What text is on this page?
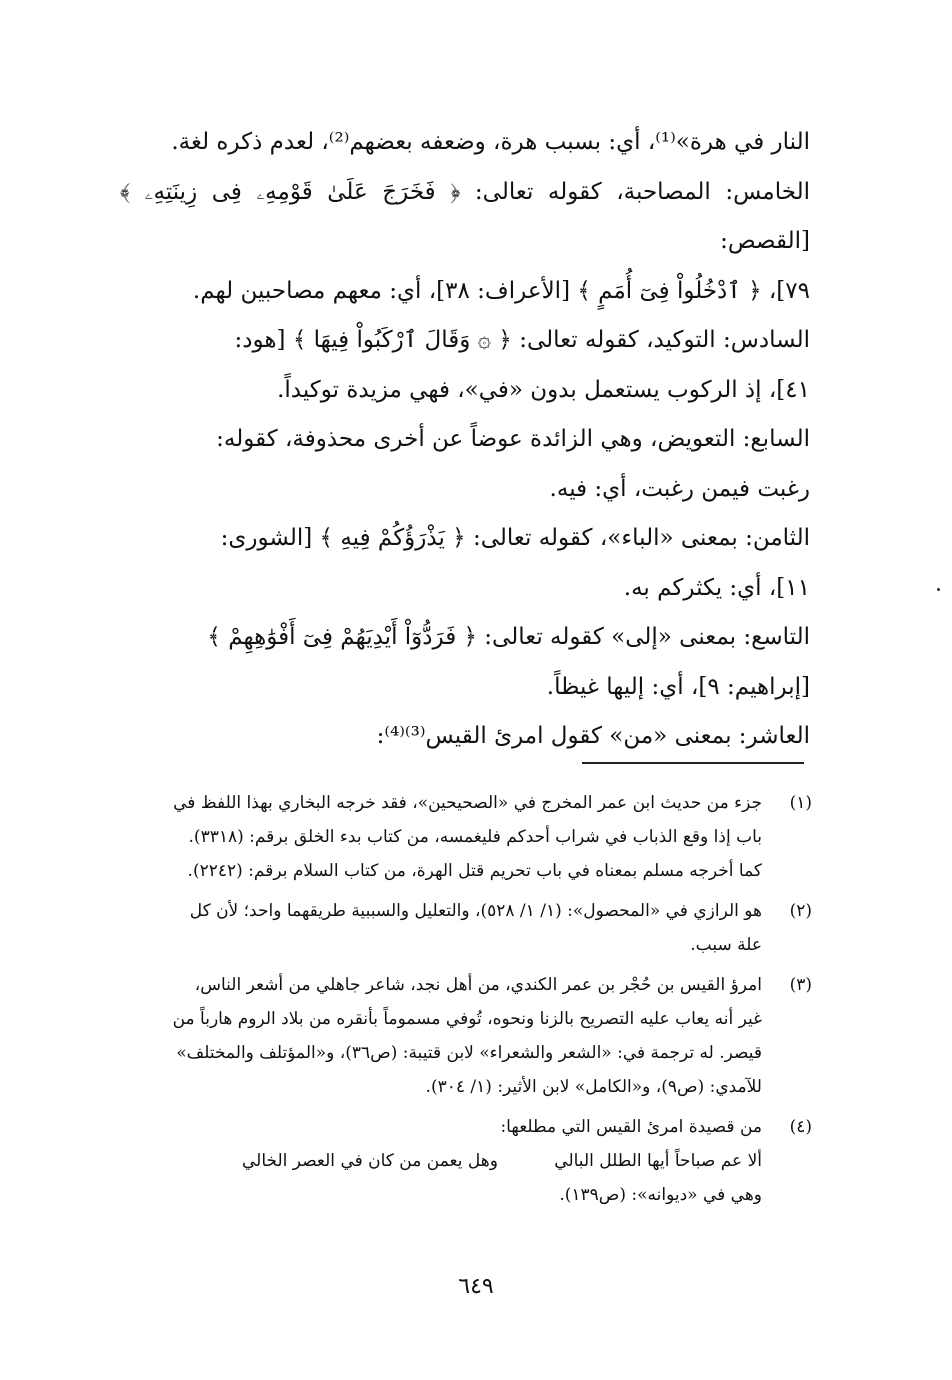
النار في هرة»⁽¹⁾، أي: بسبب هرة، وضعفه بعضهم⁽²⁾، لعدم ذكره لغة.

الخامس: المصاحبة، كقوله تعالى: ﴿ فَخَرَجَ عَلَىٰ قَوْمِهِۦ فِى زِينَتِهِۦ ﴾ [القصص:

٧٩]، ﴿ ٱدْخُلُواْ فِىٓ أُمَمٍ ﴾ [الأعراف: ٣٨]، أي: معهم مصاحبين لهم.

السادس: التوكيد، كقوله تعالى: ﴿ ۞ وَقَالَ ٱرْكَبُواْ فِيهَا ﴾ [هود:

٤١]، إذ الركوب يستعمل بدون «في»، فهي مزيدة توكيداً.

السابع: التعويض، وهي الزائدة عوضاً عن أخرى محذوفة، كقوله:

رغبت فيمن رغبت، أي: فيه.

الثامن: بمعنى «الباء»، كقوله تعالى: ﴿ يَذْرَؤُكُمْ فِيهِ ﴾ [الشورى:

١١]، أي: يكثركم به.

التاسع: بمعنى «إلى» كقوله تعالى: ﴿ فَرَدُّوٓاْ أَيْدِيَهُمْ فِىٓ أَفْوَٰهِهِمْ ﴾

[إبراهيم: ٩]، أي: إليها غيظاً.

العاشر: بمعنى «من» كقول امرئ القيس⁽³⁾⁽⁴⁾:

(١)
جزء من حديث ابن عمر المخرج في «الصحيحين»، فقد خرجه البخاري بهذا اللفظ في
باب إذا وقع الذباب في شراب أحدكم فليغمسه، من كتاب بدء الخلق برقم: (٣٣١٨).
كما أخرجه مسلم بمعناه في باب تحريم قتل الهرة، من كتاب السلام برقم: (٢٢٤٢).
(٢)
هو الرازي في «المحصول»: (١/ ١/ ٥٢٨)، والتعليل والسببية طريقهما واحد؛ لأن كل
علة سبب.
(٣)
امرؤ القيس بن حُجْر بن عمر الكندي، من أهل نجد، شاعر جاهلي من أشعر الناس،
غير أنه يعاب عليه التصريح بالزنا ونحوه، تُوفي مسموماً بأنقره من بلاد الروم هارباً من
قيصر. له ترجمة في: «الشعر والشعراء» لابن قتيبة: (ص٣٦)، و«المؤتلف والمختلف»
للآمدي: (ص٩)، و«الكامل» لابن الأثير: (١/ ٣٠٤).
(٤)
من قصيدة امرئ القيس التي مطلعها:
ألا عم صباحاً أيها الطلل البالي
وهل يعمن من كان في العصر الخالي
وهي في «ديوانه»: (ص١٣٩).
٦٤٩
